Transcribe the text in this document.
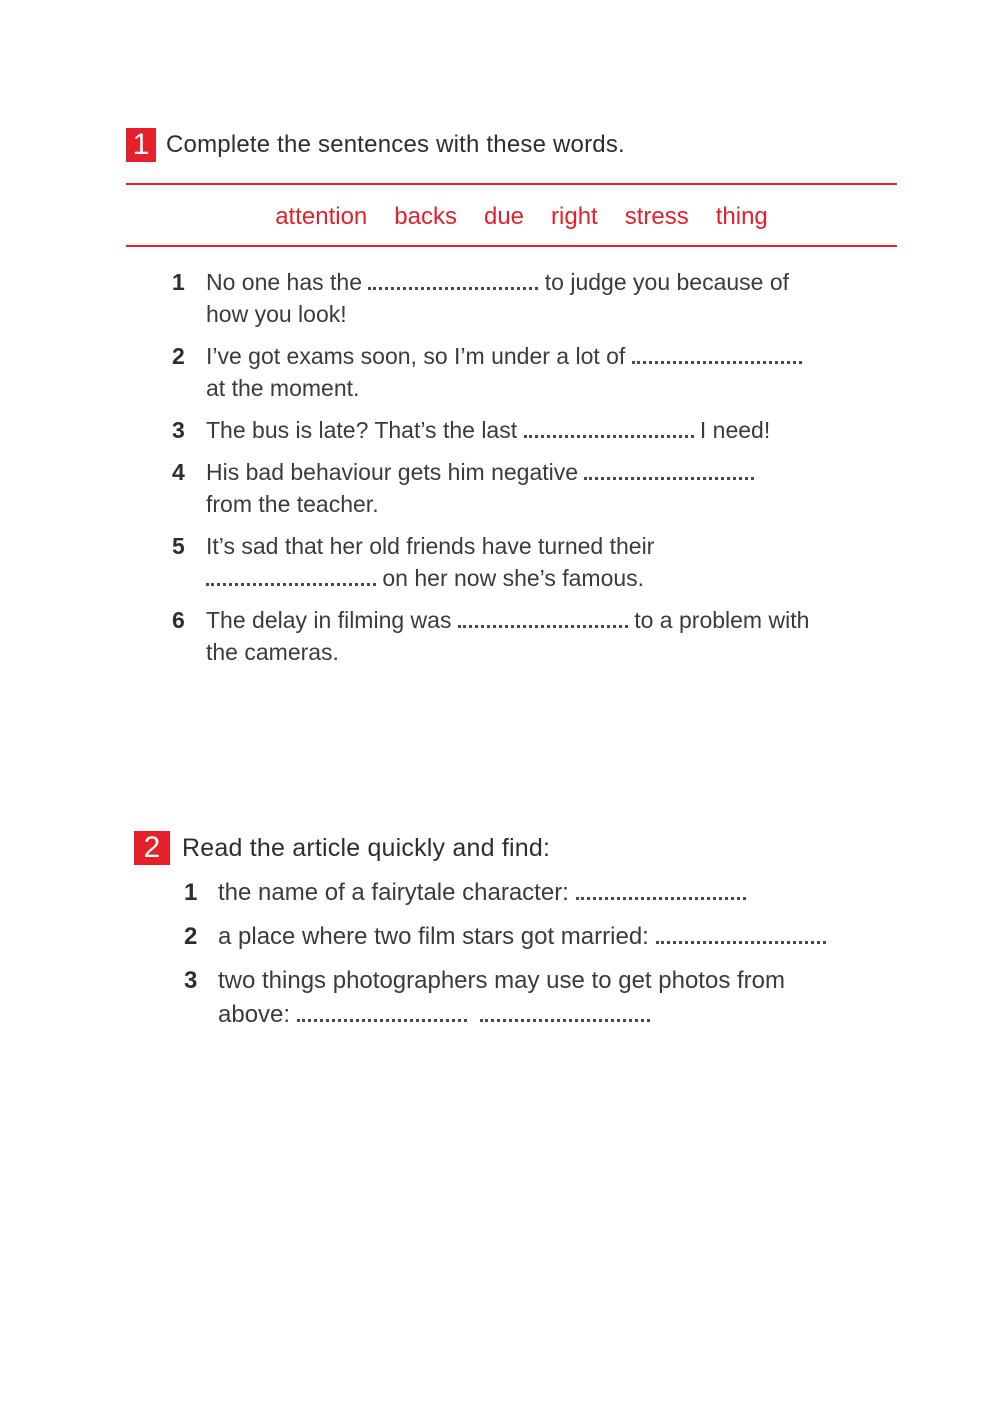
1 Complete the sentences with these words.
attention backs due right stress thing
1 No one has the	to judge you because of
how you look!
2 I’ve got exams soon, so I’m under a lot of
at the moment.
3 The bus is late? That’s the last	I need!
4 His bad behaviour gets him negative
from the teacher.
5 It’s sad that her old friends have turned their
on her now she’s famous.
6 The delay in filming was	to a problem with
the cameras.
2 Read the article quickly and find:
1 the name of a fairytale character:
2 a place where two film stars got married:
3 two things photographers may use to get photos from
above:
